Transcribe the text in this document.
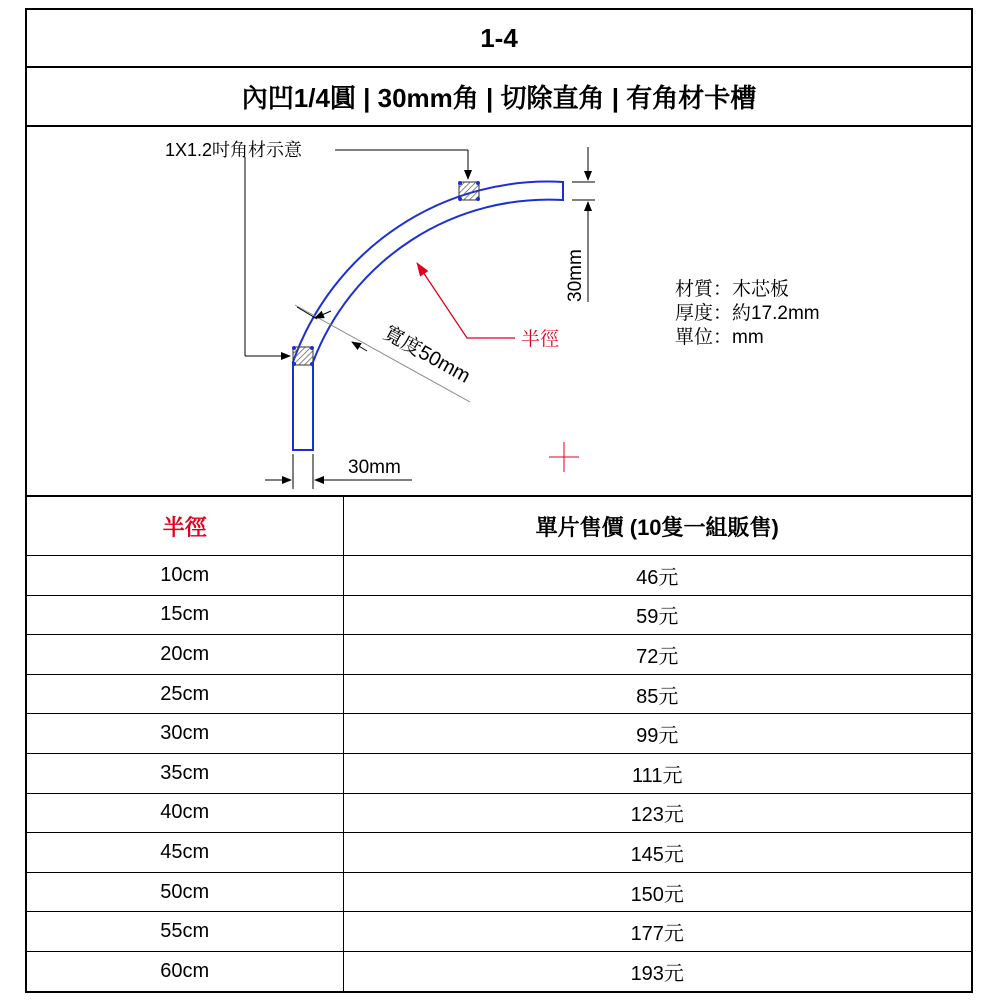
1-4
內凹1/4圓 | 30mm角 | 切除直角 | 有角材卡槽
1X1.2吋角材示意
30mm
寬度50mm 半徑
30mm
材質：木芯板
厚度：約17.2mm
單位：mm
半徑	單片售價 (10隻一組販售)
10cm	46元
15cm	59元
20cm	72元
25cm	85元
30cm	99元
35cm	111元
40cm	123元
45cm	145元
50cm	150元
55cm	177元
60cm	193元
